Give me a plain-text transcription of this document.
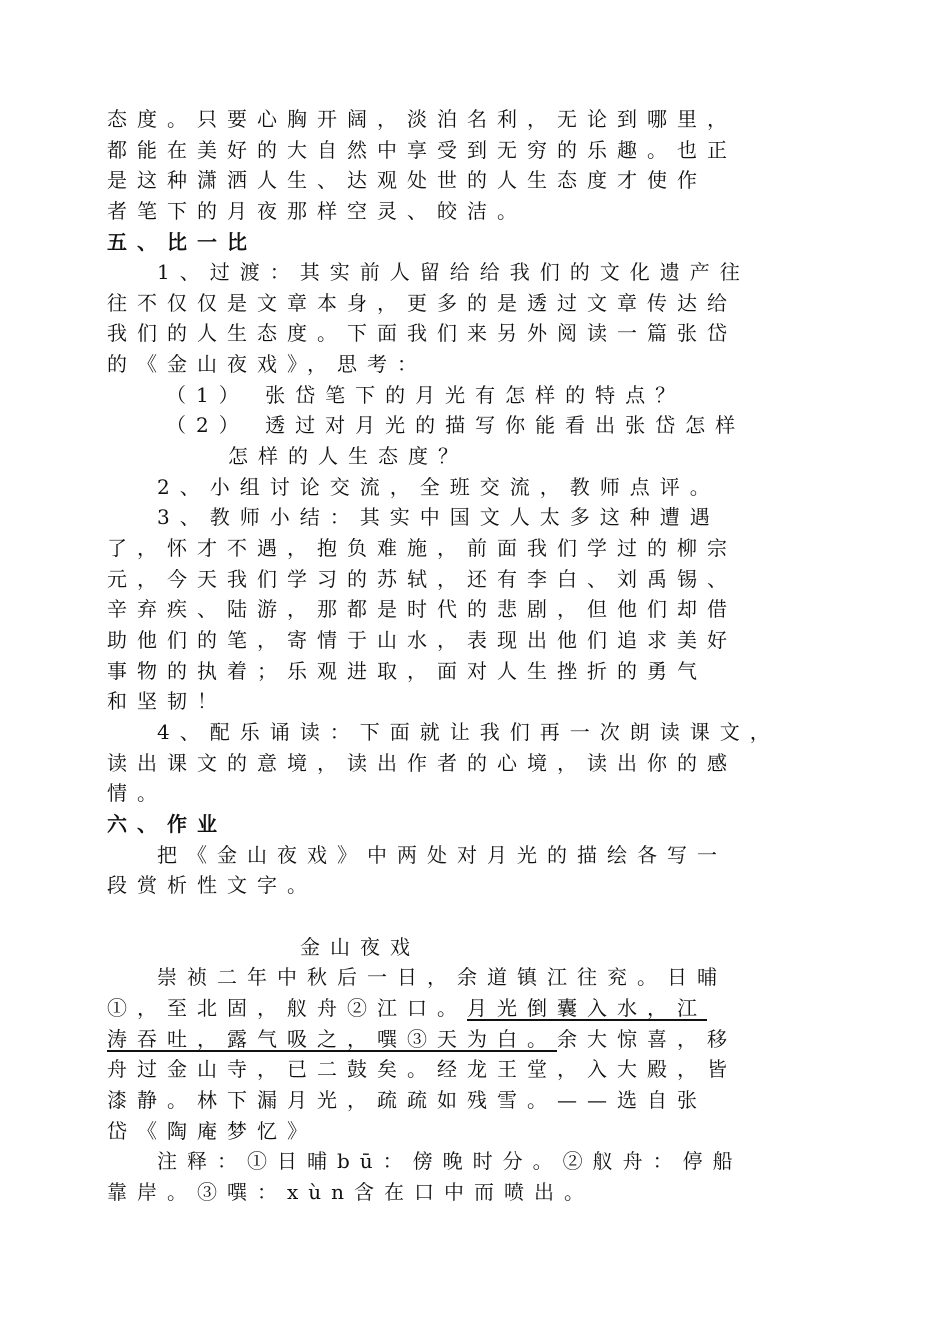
态度。只要心胸开阔，淡泊名利，无论到哪里，
都能在美好的大自然中享受到无穷的乐趣。也正
是这种潇洒人生、达观处世的人生态度才使作
者笔下的月夜那样空灵、皎洁。
五、比一比
1、过渡：其实前人留给给我们的文化遗产往
往不仅仅是文章本身，更多的是透过文章传达给
我们的人生态度。下面我们来另外阅读一篇张岱
的《金山夜戏》，思考：
（1） 张岱笔下的月光有怎样的特点？
（2） 透过对月光的描写你能看出张岱怎样
怎样的人生态度？
2、小组讨论交流，全班交流，教师点评。
3、教师小结：其实中国文人太多这种遭遇
了，怀才不遇，抱负难施，前面我们学过的柳宗
元，今天我们学习的苏轼，还有李白、刘禹锡、
辛弃疾、陆游，那都是时代的悲剧，但他们却借
助他们的笔，寄情于山水，表现出他们追求美好
事物的执着；乐观进取，面对人生挫折的勇气
和坚韧！
4、配乐诵读：下面就让我们再一次朗读课文，
读出课文的意境，读出作者的心境，读出你的感
情。
六、作业
把《金山夜戏》中两处对月光的描绘各写一
段赏析性文字。
金山夜戏
崇祯二年中秋后一日，余道镇江往兖。日晡
①，至北固，舣舟②江口。月光倒囊入水，江
涛吞吐，露气吸之，噀③天为白。余大惊喜，移
舟过金山寺，已二鼓矣。经龙王堂，入大殿，皆
漆静。林下漏月光，疏疏如残雪。——选自张
岱《陶庵梦忆》
注释：①日晡bū：傍晚时分。②舣舟：停船
靠岸。③噀：xùn含在口中而喷出。
